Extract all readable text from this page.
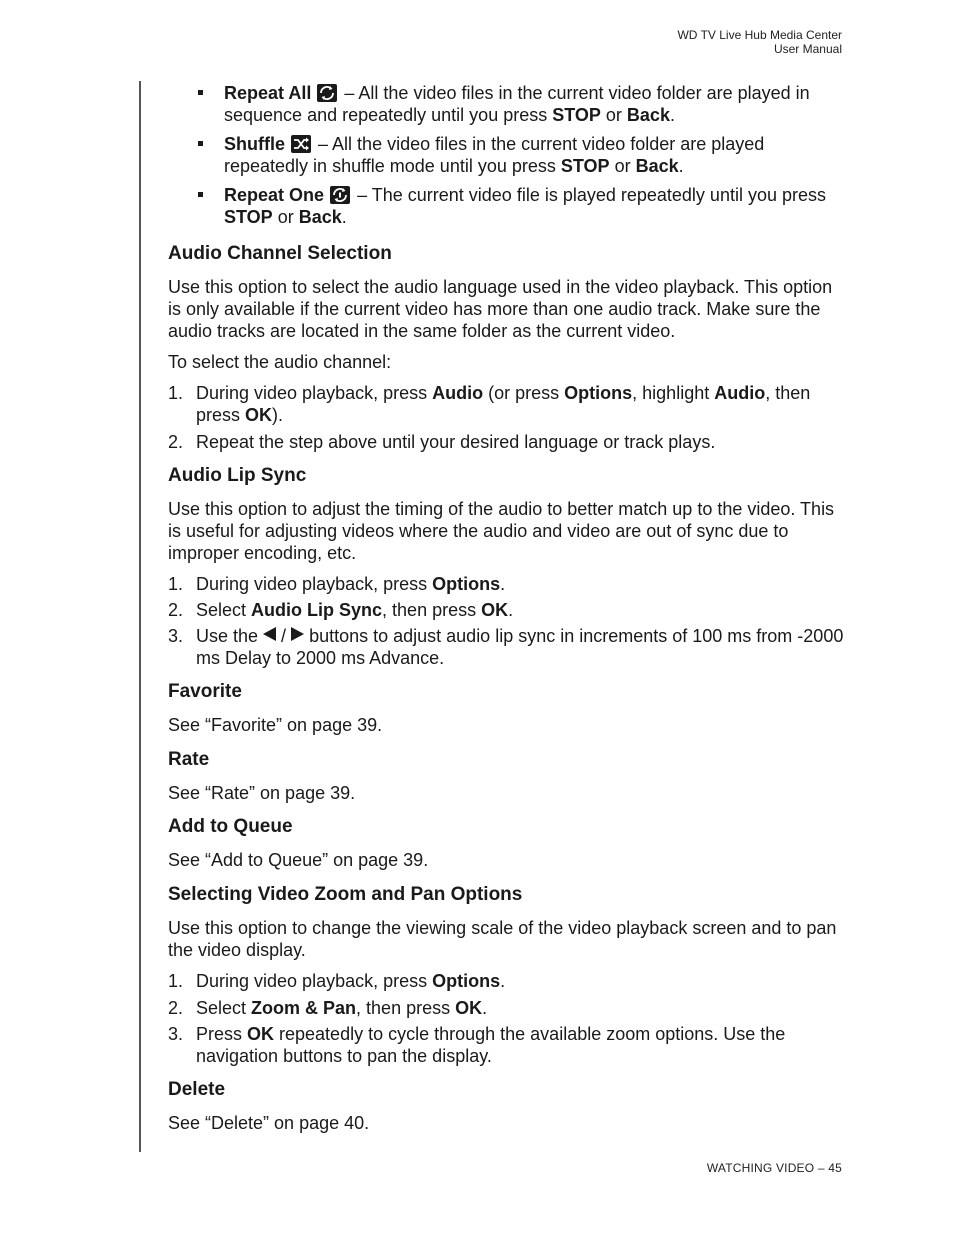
WD TV Live Hub Media Center
User Manual
Repeat All
– All the video files in the current video folder are played in sequence and repeatedly until you press STOP or Back.
Shuffle
– All the video files in the current video folder are played repeatedly in shuffle mode until you press STOP or Back.
Repeat One
– The current video file is played repeatedly until you press STOP or Back.
Audio Channel Selection

Use this option to select the audio language used in the video playback. This option is only available if the current video has more than one audio track. Make sure the audio tracks are located in the same folder as the current video.

To select the audio channel:

1. During video playback, press Audio (or press Options, highlight Audio, then press OK).
2. Repeat the step above until your desired language or track plays.
Audio Lip Sync

Use this option to adjust the timing of the audio to better match up to the video. This is useful for adjusting videos where the audio and video are out of sync due to improper encoding, etc.

1. During video playback, press Options.
2. Select Audio Lip Sync, then press OK.
3. Use the  /  buttons to adjust audio lip sync in increments of 100 ms from -2000 ms Delay to 2000 ms Advance.
Favorite

See “Favorite” on page 39.

Rate

See “Rate” on page 39.

Add to Queue

See “Add to Queue” on page 39.

Selecting Video Zoom and Pan Options

Use this option to change the viewing scale of the video playback screen and to pan the video display.

1. During video playback, press Options.
2. Select Zoom & Pan, then press OK.
3. Press OK repeatedly to cycle through the available zoom options. Use the navigation buttons to pan the display.
Delete

See “Delete” on page 40.

WATCHING VIDEO – 45
